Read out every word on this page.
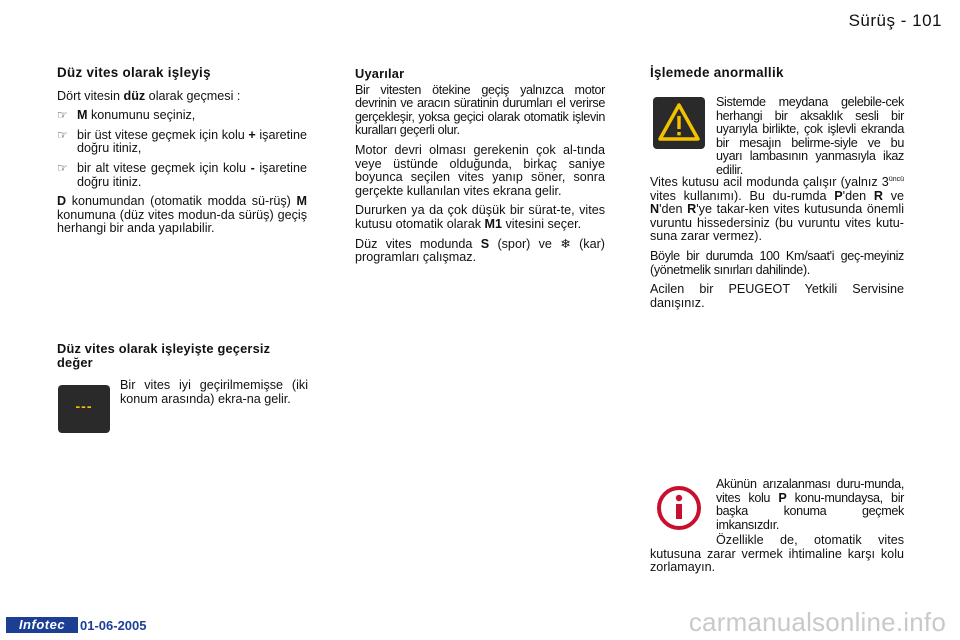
Sürüş - 101
Düz vites olarak işleyiş

Dört vitesin düz olarak geçmesi :

☞ M konumunu seçiniz,
☞ bir üst vitese geçmek için kolu + işaretine doğru itiniz,
☞ bir alt vitese geçmek için kolu - işaretine doğru itiniz.

D konumundan (otomatik modda sü-rüş) M konumuna (düz vites modun-da sürüş) geçiş herhangi bir anda yapılabilir.

Düz vites olarak işleyişte geçersiz değer
---

Bir vites iyi geçirilmemişse (iki konum arasında) ekra-na gelir.

Uyarılar

Bir vitesten ötekine geçiş yalnızca motor devrinin ve aracın süratinin durumları el verirse gerçekleşir, yoksa geçici olarak otomatik işlevin kuralları geçerli olur.

Motor devri olması gerekenin çok al-tında veye üstünde olduğunda, birkaç saniye boyunca seçilen vites yanıp söner, sonra gerçekte kullanılan vites ekrana gelir.

Dururken ya da çok düşük bir sürat-te, vites kutusu otomatik olarak M1 vitesini seçer.

Düz vites modunda S (spor) ve ❄ (kar) programları çalışmaz.

İşlemede anormallik

Sistemde meydana gelebile-cek herhangi bir aksaklık sesli bir uyarıyla birlikte, çok işlevli ekranda bir mesajın belirme-siyle ve bu uyarı lambasının yanmasıyla ikaz edilir.

Vites kutusu acil modunda çalışır (yalnız $3^{üncü}$ vites kullanımı). Bu du-rumda P'den R ve N'den R'ye takar-ken vites kutusunda önemli vuruntu hissedersiniz (bu vuruntu vites kutu-suna zarar vermez).

Böyle bir durumda 100 Km/saat'i geç-meyiniz (yönetmelik sınırları dahilinde).

Acilen bir PEUGEOT Yetkili Servisine danışınız.

Akünün arızalanması duru-munda, vites kolu P konu-mundaysa, bir başka konuma geçmek imkansızdır.

Özellikle de, otomatik vites kutusuna zarar vermek ihtimaline karşı kolu zorlamayın.

Infotec	01-06-2005	carmanualsonline.info
